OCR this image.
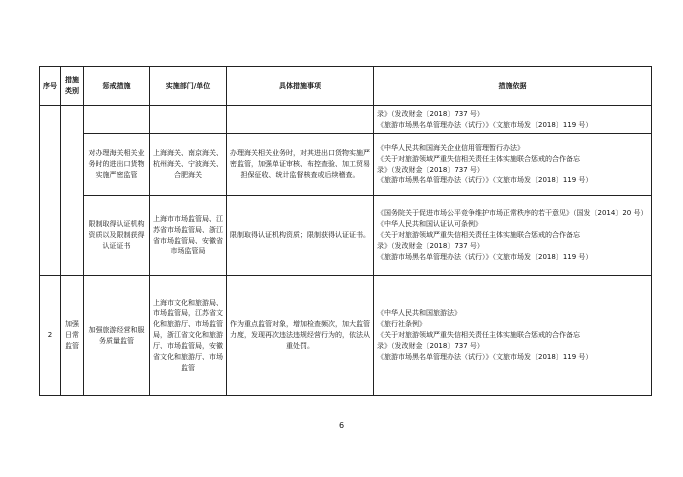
序号	措施类别	惩戒措施	实施部门/单位	具体措施事项	措施依据

					录》（发改财金〔2018〕737 号）
《旅游市场黑名单管理办法（试行）》（文旅市场发〔2018〕119 号）

		对办理海关相关业务时的进出口货物实施严密监管	上海海关、南京海关、杭州海关、宁波海关、合肥海关	办理海关相关业务时，对其进出口货物实施严密监管，加强单证审核、布控查验、加工贸易担保征收、统计监督核查或后续稽查。	《中华人民共和国海关企业信用管理暂行办法》
《关于对旅游领域严重失信相关责任主体实施联合惩戒的合作备忘
录》（发改财金〔2018〕737 号）
《旅游市场黑名单管理办法（试行）》（文旅市场发〔2018〕119 号）

		限制取得认证机构资质以及限制获得认证证书	上海市市场监管局、江苏省市场监管局、浙江省市场监管局、安徽省市场监管局	限制取得认证机构资质；限制获得认证证书。	《国务院关于促进市场公平竞争维护市场正常秩序的若干意见》（国发〔2014〕20 号）
《中华人民共和国认证认可条例》
《关于对旅游领域严重失信相关责任主体实施联合惩戒的合作备忘
录》（发改财金〔2018〕737 号）
《旅游市场黑名单管理办法（试行）》（文旅市场发〔2018〕119 号）

2	加强日常监管	加强旅游经营和服务质量监管	上海市文化和旅游局、市场监管局，江苏省文化和旅游厅、市场监管局，浙江省文化和旅游厅、市场监管局，安徽省文化和旅游厅、市场监管	作为重点监管对象，增加检查频次，加大监管力度，发现再次违法违规经营行为的，依法从重处罚。	《中华人民共和国旅游法》
《旅行社条例》
《关于对旅游领域严重失信相关责任主体实施联合惩戒的合作备忘
录》（发改财金〔2018〕737 号）
《旅游市场黑名单管理办法（试行）》（文旅市场发〔2018〕119 号）
6
